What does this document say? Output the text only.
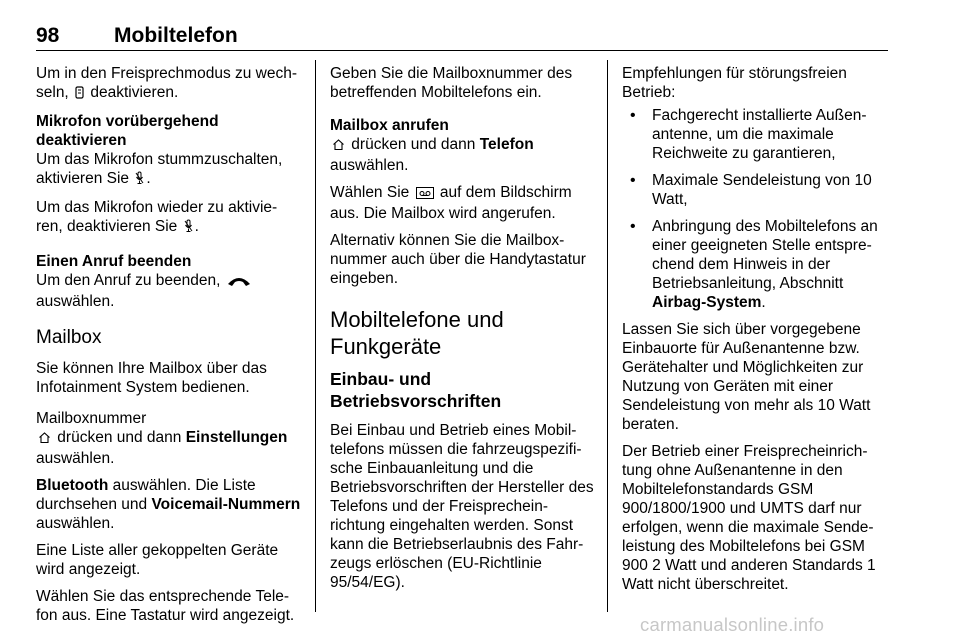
98	Mobiltelefon

Um in den Freisprechmodus zu wech-
seln,  deaktivieren.

Mikrofon vorübergehend deaktivieren

Um das Mikrofon stummzuschalten,
aktivieren Sie .

Um das Mikrofon wieder zu aktivie-
ren, deaktivieren Sie .

Einen Anruf beenden

Um den Anruf zu beenden,
auswählen.

Mailbox

Sie können Ihre Mailbox über das Infotainment System bedienen.

Mailboxnummer

drücken und dann Einstellungen
auswählen.

Bluetooth auswählen. Die Liste durchsehen und Voicemail-Nummern auswählen.

Eine Liste aller gekoppelten Geräte wird angezeigt.

Wählen Sie das entsprechende Tele-fon aus. Eine Tastatur wird angezeigt.

Geben Sie die Mailboxnummer des betreffenden Mobiltelefons ein.

Mailbox anrufen

drücken und dann Telefon
auswählen.

Wählen Sie  auf dem Bildschirm aus. Die Mailbox wird angerufen.

Alternativ können Sie die Mailbox-nummer auch über die Handytastatur eingeben.

Mobiltelefone und Funkgeräte
Einbau- und Betriebsvorschriften

Bei Einbau und Betrieb eines Mobil-telefons müssen die fahrzeugspezifi-sche Einbauanleitung und die Betriebsvorschriften der Hersteller des Telefons und der Freisprechein-richtung eingehalten werden. Sonst kann die Betriebserlaubnis des Fahr-zeugs erlöschen (EU-Richtlinie 95/54/EG).

Empfehlungen für störungsfreien Betrieb:

• Fachgerecht installierte Außen-antenne, um die maximale Reichweite zu garantieren,
• Maximale Sendeleistung von 10 Watt,
• Anbringung des Mobiltelefons an einer geeigneten Stelle entspre-chend dem Hinweis in der Betriebsanleitung, Abschnitt Airbag-System.

Lassen Sie sich über vorgegebene Einbauorte für Außenantenne bzw. Gerätehalter und Möglichkeiten zur Nutzung von Geräten mit einer Sendeleistung von mehr als 10 Watt beraten.

Der Betrieb einer Freisprecheinrich-tung ohne Außenantenne in den Mobiltelefonstandards GSM 900/1800/1900 und UMTS darf nur erfolgen, wenn die maximale Sende-leistung des Mobiltelefons bei GSM 900 2 Watt und anderen Standards 1 Watt nicht überschreitet.

carmanualsonline.info
